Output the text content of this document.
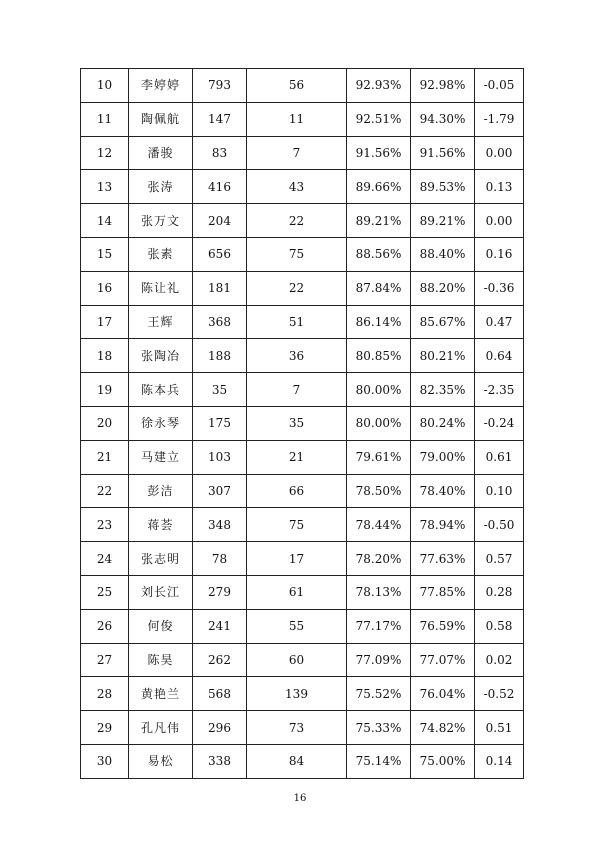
10	李婷婷	793	56	92.93%	92.98%	-0.05
11	陶佩航	147	11	92.51%	94.30%	-1.79
12	潘骏	83	7	91.56%	91.56%	0.00
13	张涛	416	43	89.66%	89.53%	0.13
14	张万文	204	22	89.21%	89.21%	0.00
15	张素	656	75	88.56%	88.40%	0.16
16	陈让礼	181	22	87.84%	88.20%	-0.36
17	王辉	368	51	86.14%	85.67%	0.47
18	张陶冶	188	36	80.85%	80.21%	0.64
19	陈本兵	35	7	80.00%	82.35%	-2.35
20	徐永琴	175	35	80.00%	80.24%	-0.24
21	马建立	103	21	79.61%	79.00%	0.61
22	彭洁	307	66	78.50%	78.40%	0.10
23	蒋荟	348	75	78.44%	78.94%	-0.50
24	张志明	78	17	78.20%	77.63%	0.57
25	刘长江	279	61	78.13%	77.85%	0.28
26	何俊	241	55	77.17%	76.59%	0.58
27	陈昊	262	60	77.09%	77.07%	0.02
28	黄艳兰	568	139	75.52%	76.04%	-0.52
29	孔凡伟	296	73	75.33%	74.82%	0.51
30	易松	338	84	75.14%	75.00%	0.14
16
